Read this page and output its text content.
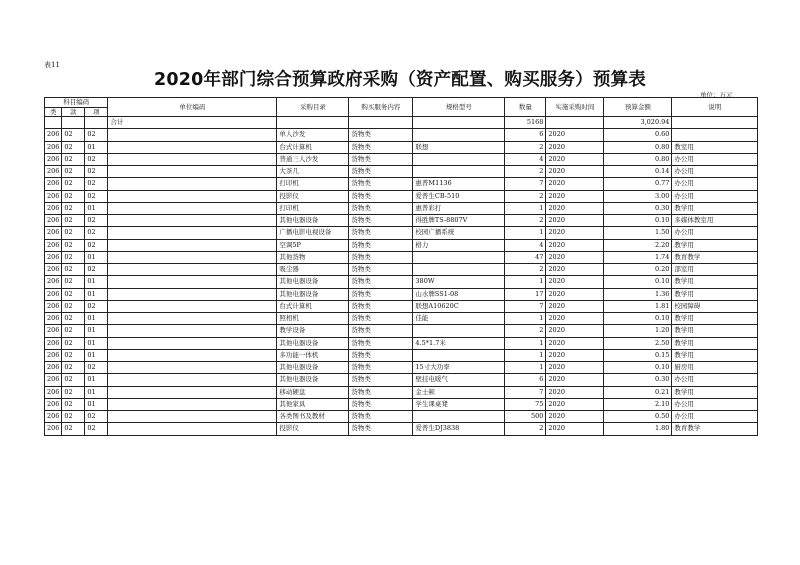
表11
2020年部门综合预算政府采购（资产配置、购买服务）预算表
单位：万元
科目编码			单位编码	采购目录	购买服务内容	规格型号	数量	实施采购时间	预算金额	说明
类	款	项								
			合计				5168		3,020.94	
206	02	02		单人沙发	货物类		6	2020	0.60	
206	02	01		台式计算机	货物类	联想	2	2020	0.80	教室用
206	02	02		普通三人沙发	货物类		4	2020	0.80	办公用
206	02	02		大茶几	货物类		2	2020	0.14	办公用
206	02	02		打印机	货物类	惠普M1136	7	2020	0.77	办公用
206	02	02		投影仪	货物类	爱普生CB-510	2	2020	3.00	办公用
206	02	01		打印机	货物类	惠普彩打	1	2020	0.30	教学用
206	02	02		其他电器设备	货物类	得胜牌TS-8807V	2	2020	0.10	多媒体教室用
206	02	02		广播电影电视设备	货物类	校园广播系统	1	2020	1.50	办公用
206	02	02		空调5P	货物类	格力	4	2020	2.20	教学用
206	02	01		其他货物	货物类		47	2020	1.74	教育教学
206	02	02		吸尘器	货物类		2	2020	0.20	部室用
206	02	01		其他电器设备	货物类	380W	1	2020	0.10	教学用
206	02	01		其他电器设备	货物类	山水牌SS1-08	17	2020	1.36	教学用
206	02	02		台式计算机	货物类	联想A10620C	7	2020	1.81	校园障碍
206	02	01		照相机	货物类	佳能	1	2020	0.10	教学用
206	02	01		教学设备	货物类		2	2020	1.20	教学用
206	02	01		其他电器设备	货物类	4.5*1.7米	1	2020	2.50	教学用
206	02	01		多功能一体机	货物类		1	2020	0.15	教学用
206	02	02		其他电器设备	货物类	15寸大功率	1	2020	0.10	厨房用
206	02	01		其他电器设备	货物类	壁挂电暖气	6	2020	0.30	办公用
206	02	01		移动硬盘	货物类	金士顿	7	2020	0.21	教学用
206	02	01		其他家具	货物类	学生课桌凳	75	2020	2.10	办公用
206	02	02		各类图书及教材	货物类		500	2020	0.50	办公用
206	02	02		投影仪	货物类	爱普生DJ3838	2	2020	1.80	教育教学
